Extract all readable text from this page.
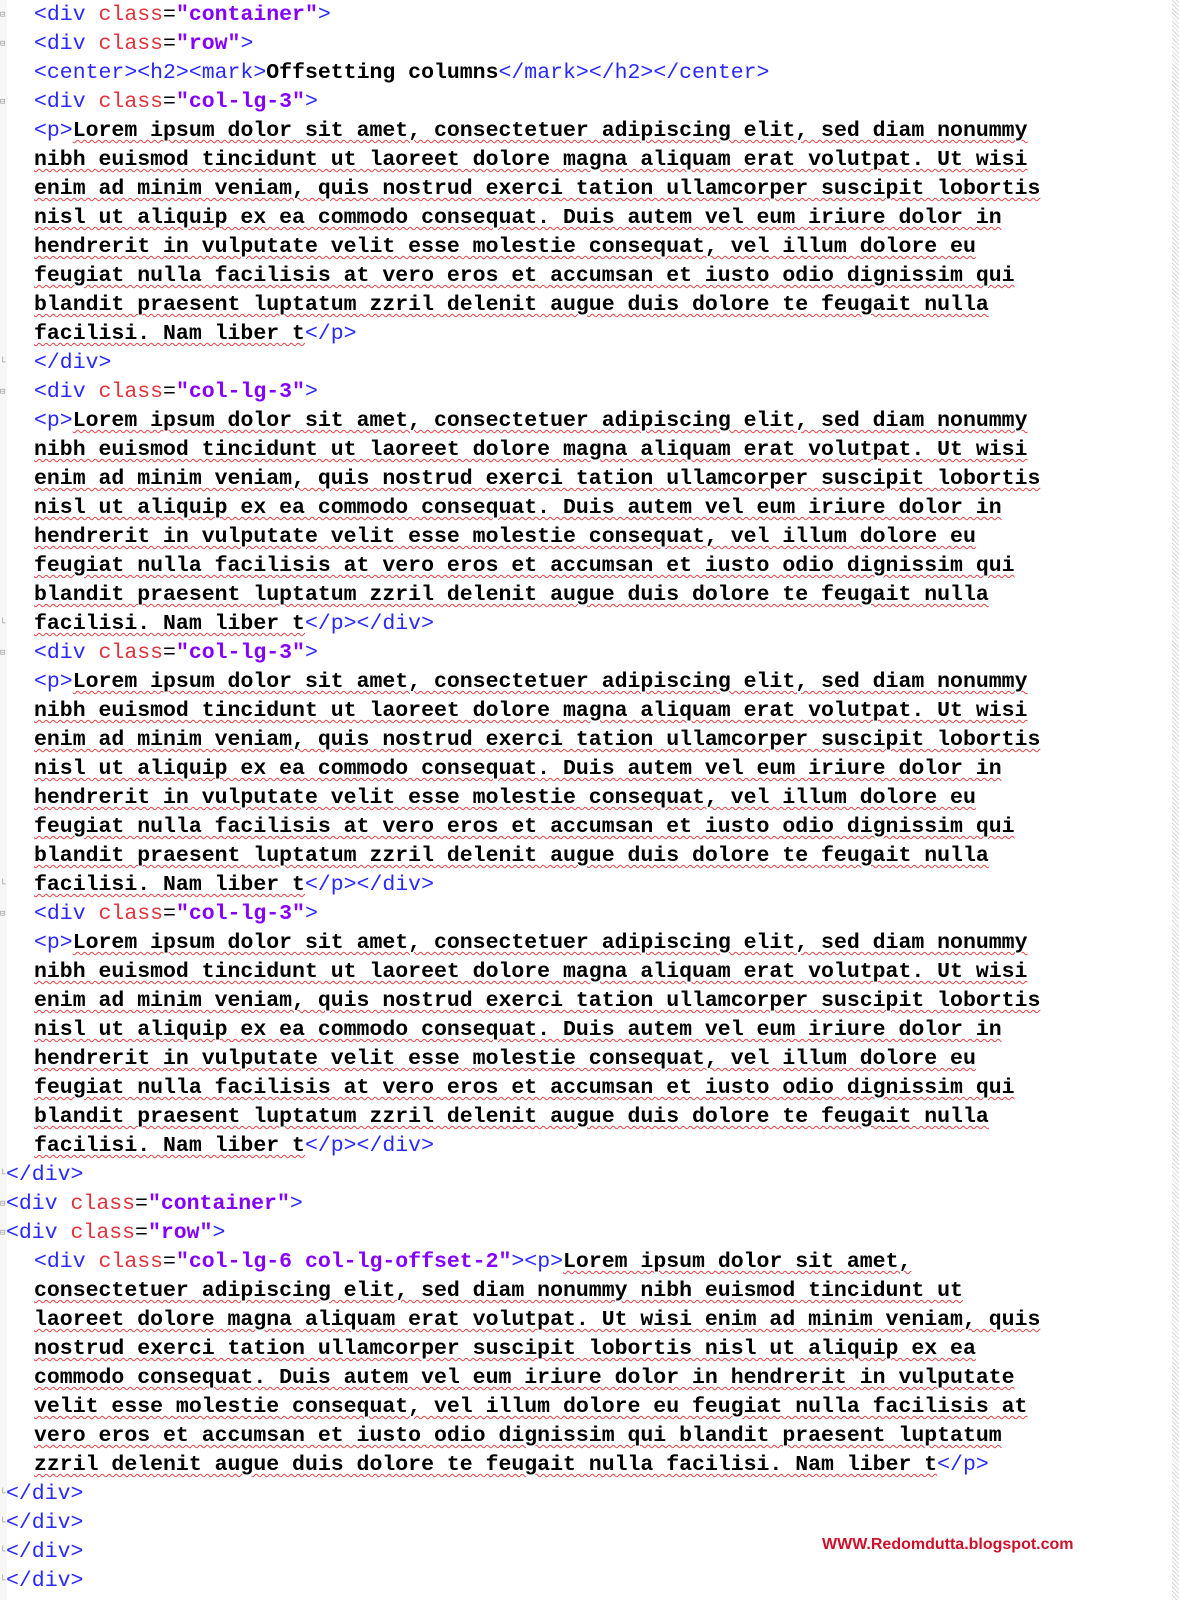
⊟
⊟
⊟
└
⊟
└
⊟
└
⊟
└
⊟
⊟
└
└
└
└
<div class="container">
<div class="row">
<center><h2><mark>Offsetting columns</mark></h2></center>
<div class="col-lg-3">
<p>Lorem ipsum dolor sit amet, consectetuer adipiscing elit, sed diam nonummy
nibh euismod tincidunt ut laoreet dolore magna aliquam erat volutpat. Ut wisi
enim ad minim veniam, quis nostrud exerci tation ullamcorper suscipit lobortis
nisl ut aliquip ex ea commodo consequat. Duis autem vel eum iriure dolor in
hendrerit in vulputate velit esse molestie consequat, vel illum dolore eu
feugiat nulla facilisis at vero eros et accumsan et iusto odio dignissim qui
blandit praesent luptatum zzril delenit augue duis dolore te feugait nulla
facilisi. Nam liber t</p>
</div>
<div class="col-lg-3">
<p>Lorem ipsum dolor sit amet, consectetuer adipiscing elit, sed diam nonummy
nibh euismod tincidunt ut laoreet dolore magna aliquam erat volutpat. Ut wisi
enim ad minim veniam, quis nostrud exerci tation ullamcorper suscipit lobortis
nisl ut aliquip ex ea commodo consequat. Duis autem vel eum iriure dolor in
hendrerit in vulputate velit esse molestie consequat, vel illum dolore eu
feugiat nulla facilisis at vero eros et accumsan et iusto odio dignissim qui
blandit praesent luptatum zzril delenit augue duis dolore te feugait nulla
facilisi. Nam liber t</p></div>
<div class="col-lg-3">
<p>Lorem ipsum dolor sit amet, consectetuer adipiscing elit, sed diam nonummy
nibh euismod tincidunt ut laoreet dolore magna aliquam erat volutpat. Ut wisi
enim ad minim veniam, quis nostrud exerci tation ullamcorper suscipit lobortis
nisl ut aliquip ex ea commodo consequat. Duis autem vel eum iriure dolor in
hendrerit in vulputate velit esse molestie consequat, vel illum dolore eu
feugiat nulla facilisis at vero eros et accumsan et iusto odio dignissim qui
blandit praesent luptatum zzril delenit augue duis dolore te feugait nulla
facilisi. Nam liber t</p></div>
<div class="col-lg-3">
<p>Lorem ipsum dolor sit amet, consectetuer adipiscing elit, sed diam nonummy
nibh euismod tincidunt ut laoreet dolore magna aliquam erat volutpat. Ut wisi
enim ad minim veniam, quis nostrud exerci tation ullamcorper suscipit lobortis
nisl ut aliquip ex ea commodo consequat. Duis autem vel eum iriure dolor in
hendrerit in vulputate velit esse molestie consequat, vel illum dolore eu
feugiat nulla facilisis at vero eros et accumsan et iusto odio dignissim qui
blandit praesent luptatum zzril delenit augue duis dolore te feugait nulla
facilisi. Nam liber t</p></div>
</div>
<div class="container">
<div class="row">
<div class="col-lg-6 col-lg-offset-2"><p>Lorem ipsum dolor sit amet,
consectetuer adipiscing elit, sed diam nonummy nibh euismod tincidunt ut
laoreet dolore magna aliquam erat volutpat. Ut wisi enim ad minim veniam, quis
nostrud exerci tation ullamcorper suscipit lobortis nisl ut aliquip ex ea
commodo consequat. Duis autem vel eum iriure dolor in hendrerit in vulputate
velit esse molestie consequat, vel illum dolore eu feugiat nulla facilisis at
vero eros et accumsan et iusto odio dignissim qui blandit praesent luptatum
zzril delenit augue duis dolore te feugait nulla facilisi. Nam liber t</p>
</div>
</div>
</div>
</div>
WWW.Redomdutta.blogspot.com
